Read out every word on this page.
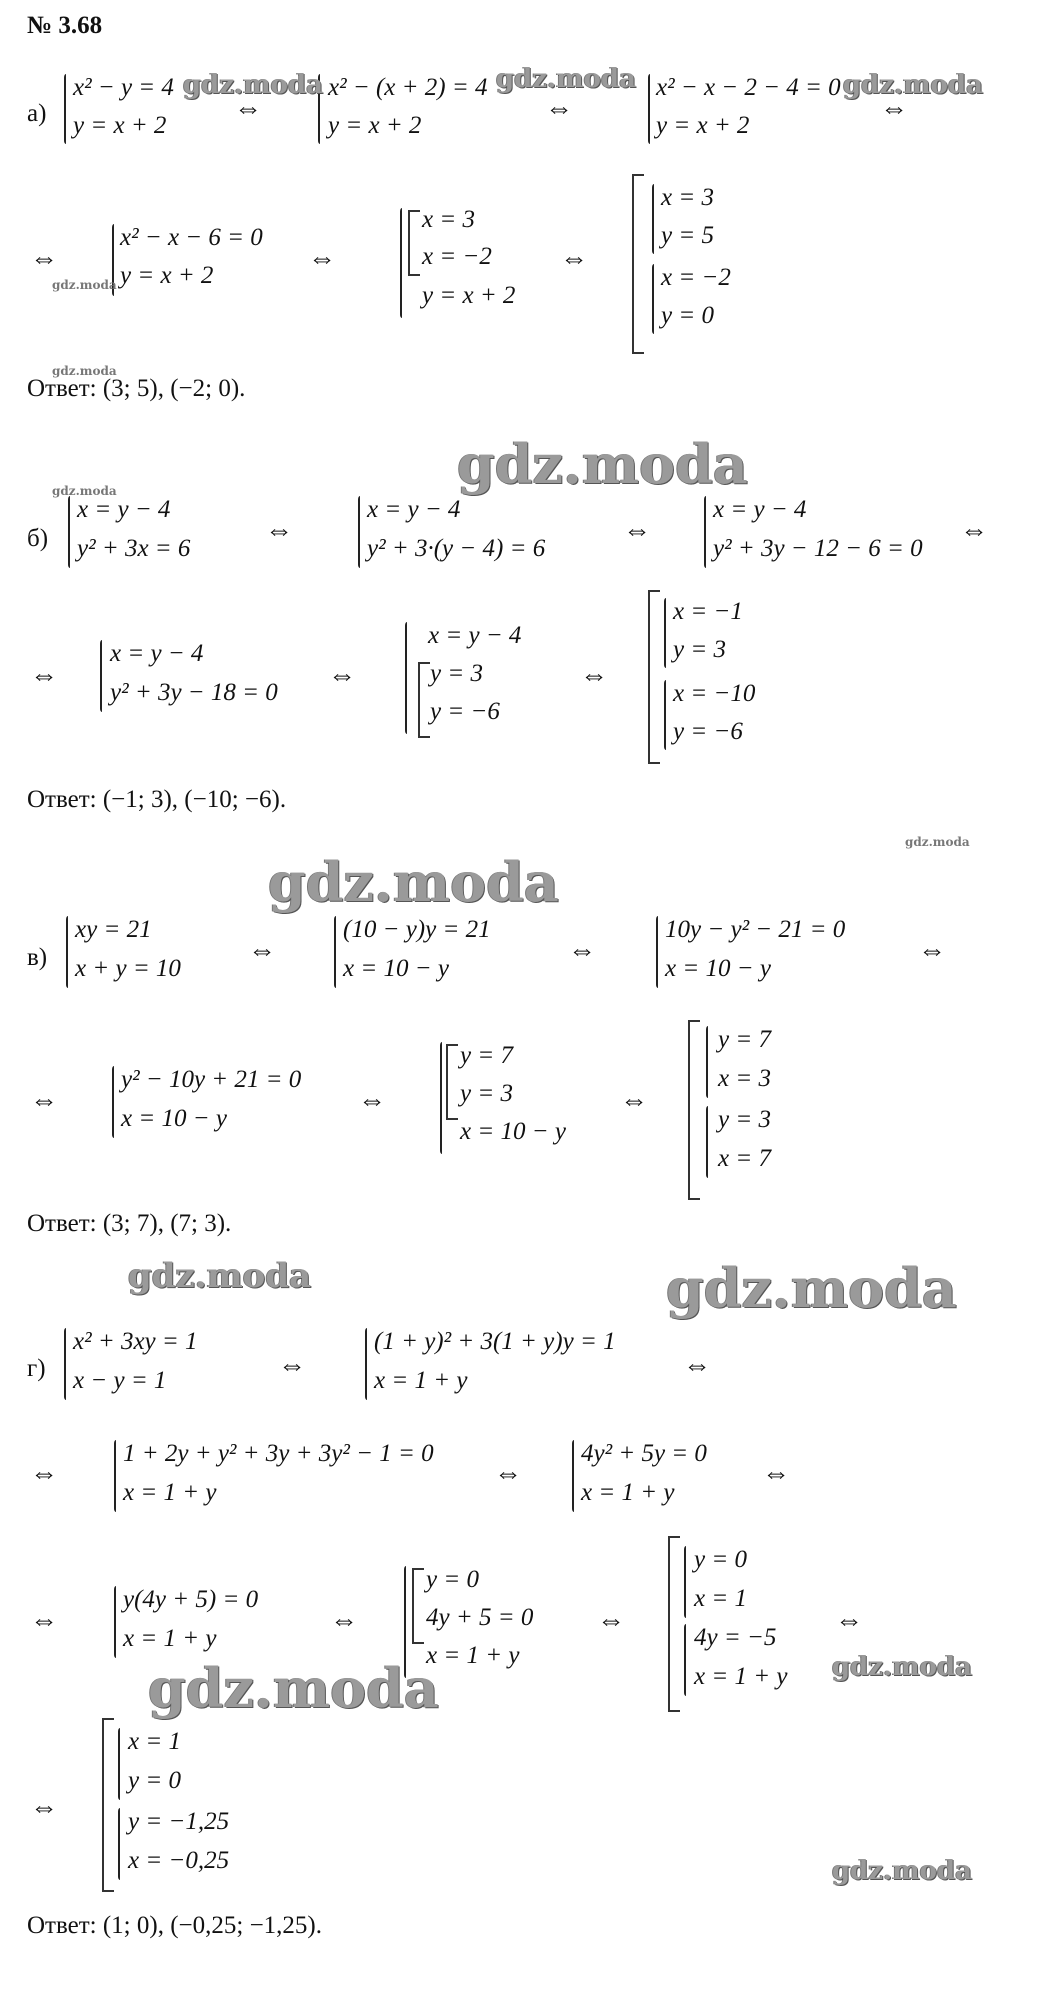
№ 3.68
а)
x² − y = 4
y = x + 2
⇔
x² − (x + 2) = 4
y = x + 2
⇔
x² − x − 2 − 4 = 0
y = x + 2
⇔
⇔
x² − x − 6 = 0
y = x + 2
⇔
x = 3
x = −2
y = x + 2
⇔
x = 3
y = 5
x = −2
y = 0
Ответ: (3; 5), (−2; 0).
б)
x = y − 4
y² + 3x = 6
⇔
x = y − 4
y² + 3·(y − 4) = 6
⇔
x = y − 4
y² + 3y − 12 − 6 = 0
⇔
⇔
x = y − 4
y² + 3y − 18 = 0
⇔
x = y − 4
y = 3
y = −6
⇔
x = −1
y = 3
x = −10
y = −6
Ответ: (−1; 3), (−10; −6).
в)
xy = 21
x + y = 10
⇔
(10 − y)y = 21
x = 10 − y
⇔
10y − y² − 21 = 0
x = 10 − y
⇔
⇔
y² − 10y + 21 = 0
x = 10 − y
⇔
y = 7
y = 3
x = 10 − y
⇔
y = 7
x = 3
y = 3
x = 7
Ответ: (3; 7), (7; 3).
г)
x² + 3xy = 1
x − y = 1	⇔
(1 + y)² + 3(1 + y)y = 1
x = 1 + y	⇔
⇔
1 + 2y + y² + 3y + 3y² − 1 = 0
x = 1 + y
⇔
4y² + 5y = 0
x = 1 + y
⇔
⇔
y(4y + 5) = 0
x = 1 + y
⇔
y = 0
4y + 5 = 0
x = 1 + y
⇔
y = 0
x = 1
4y = −5
x = 1 + y
⇔
⇔
x = 1
y = 0
y = −1,25
x = −0,25
Ответ: (1; 0), (−0,25; −1,25).
gdz.moda	gdz.moda	gdz.moda
gdz.moda
gdz.moda
gdz.moda	gdz.moda
gdz.moda
gdz.moda
gdz.moda	gdz.moda
gdz.moda	gdz.moda
gdz.moda
